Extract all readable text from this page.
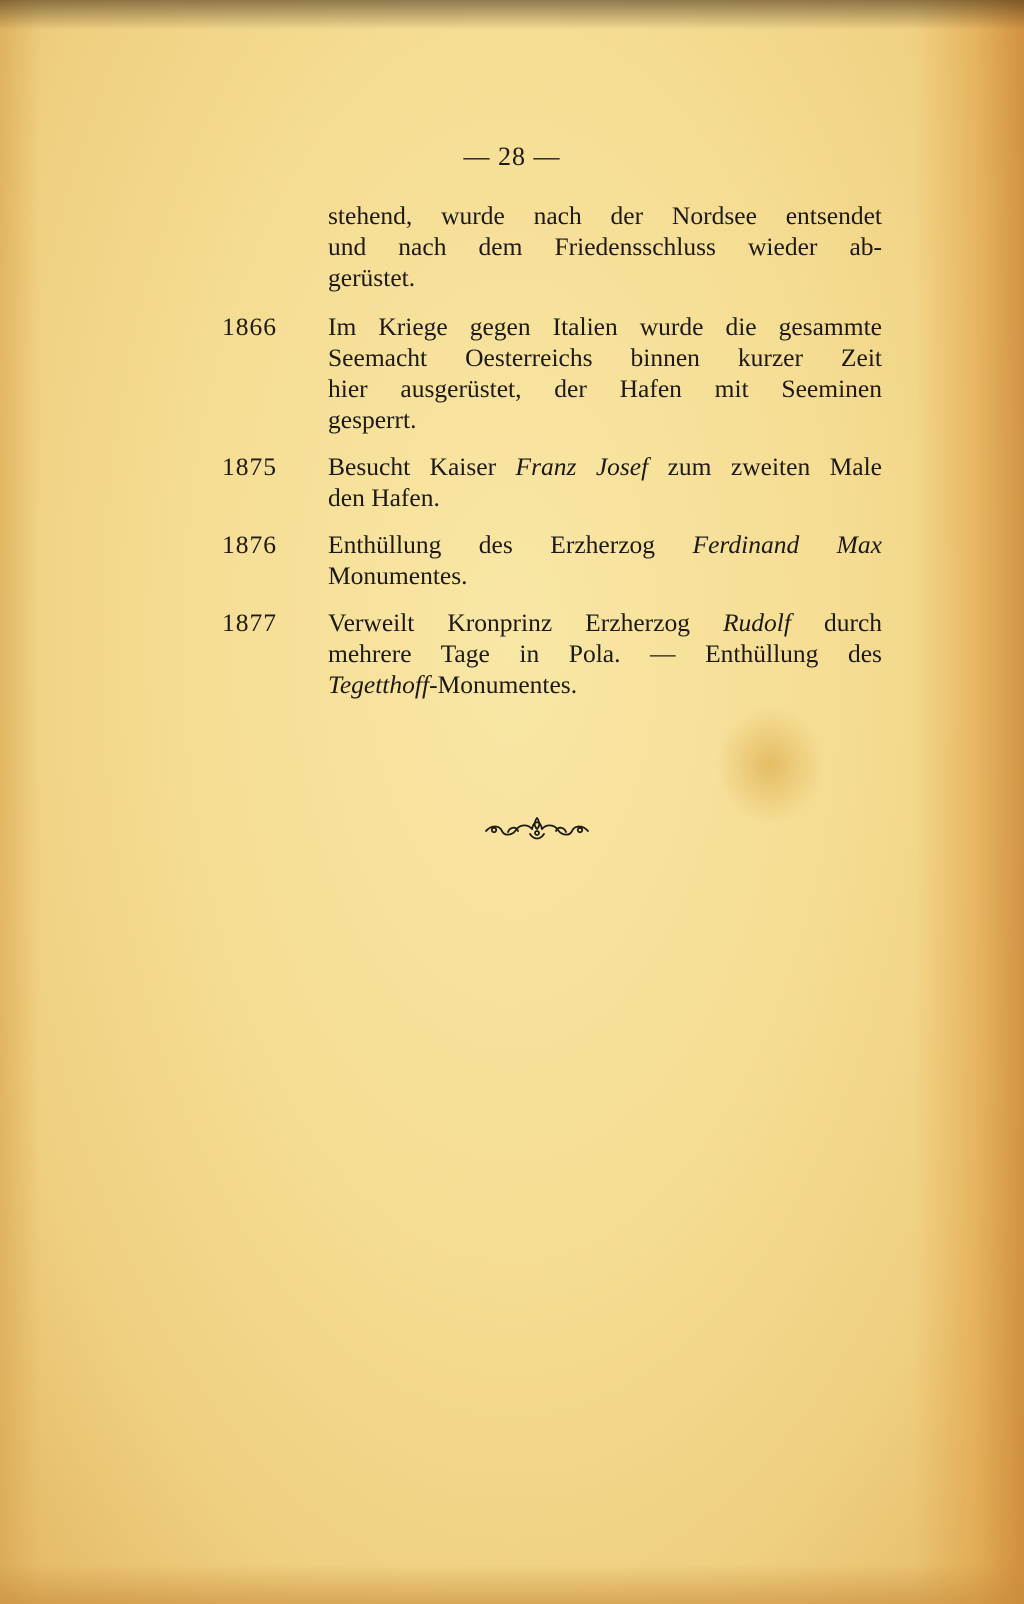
— 28 —
stehend, wurde nach der Nordsee entsendet
und nach dem Friedensschluss wieder ab-
gerüstet.
1866	Im Kriege gegen Italien wurde die gesammte
Seemacht Oesterreichs binnen kurzer Zeit
hier ausgerüstet, der Hafen mit Seeminen
gesperrt.
1875	Besucht Kaiser Franz Josef zum zweiten Male
den Hafen.
1876	Enthüllung des Erzherzog Ferdinand Max
Monumentes.
1877	Verweilt Kronprinz Erzherzog Rudolf durch
mehrere Tage in Pola. — Enthüllung des
Tegetthoff-Monumentes.
